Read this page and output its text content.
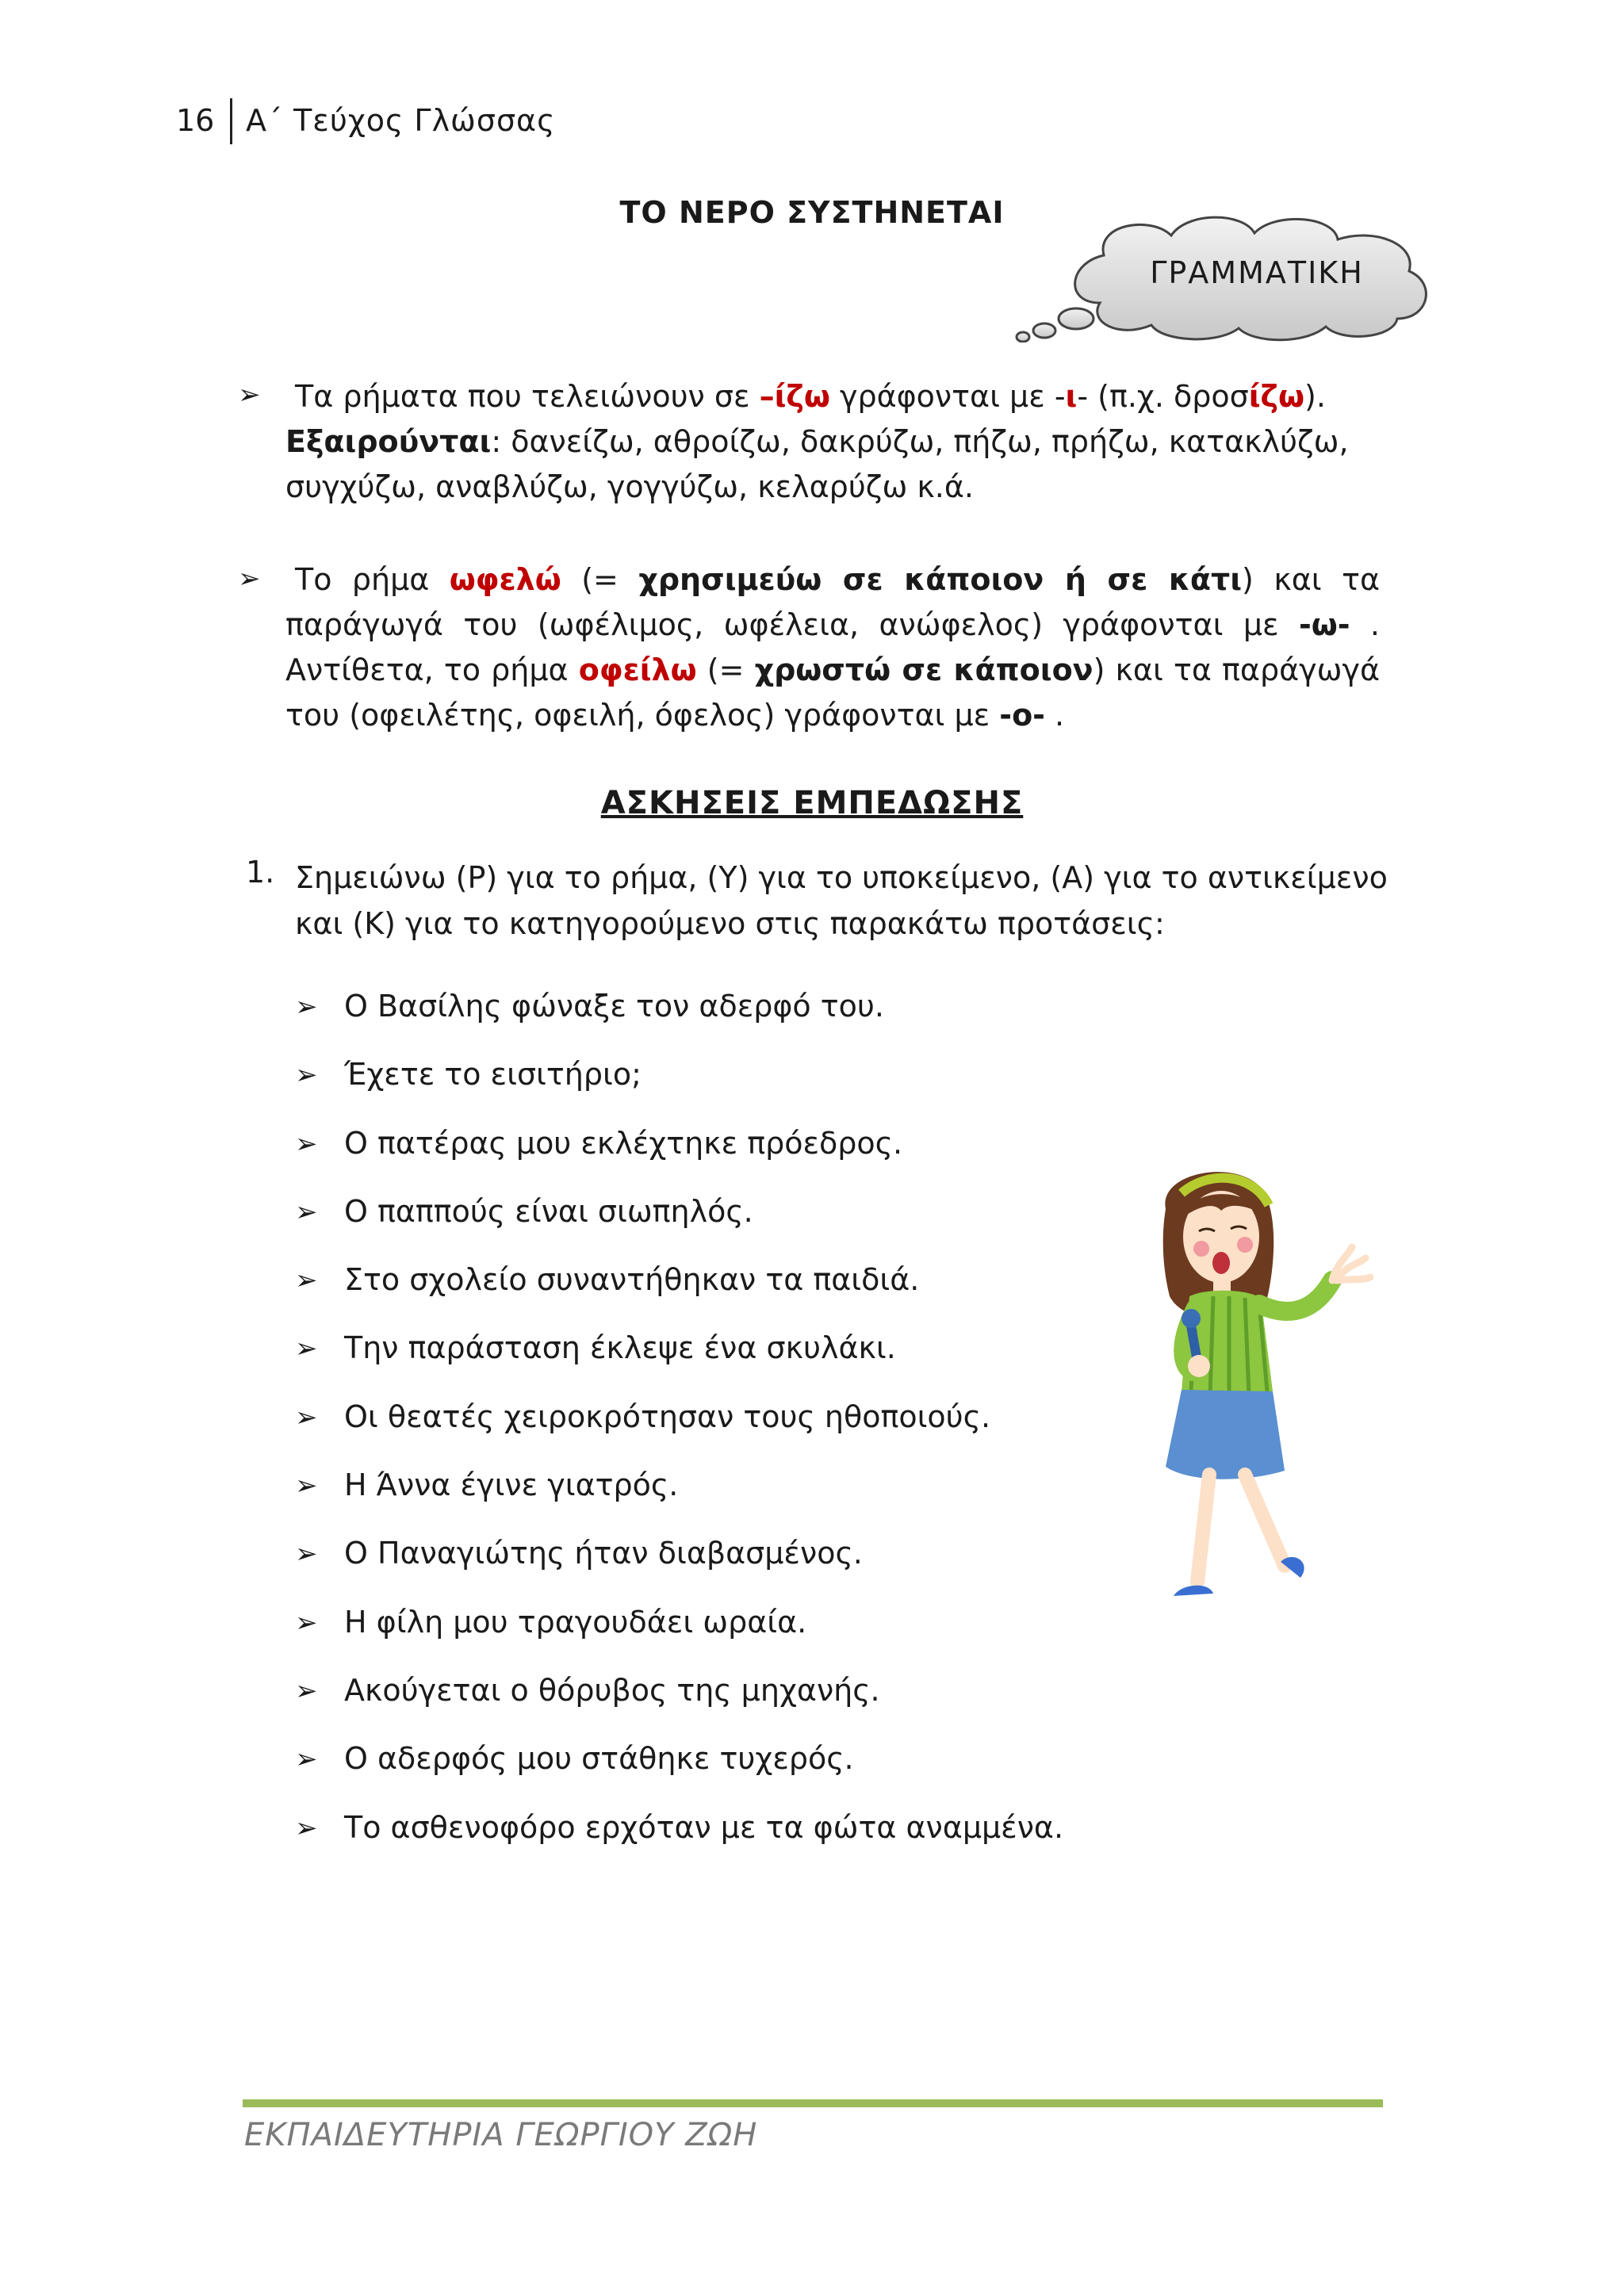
16 Α΄ Τεύχος Γλώσσας
ΤΟ ΝΕΡΟ ΣΥΣΤΗΝΕΤΑΙ
ΓΡΑΜΜΑΤΙΚΗ
➢	Τα ρήματα που τελειώνουν σε –ίζω γράφονται με -ι- (π.χ. δροσίζω).
Εξαιρούνται: δανείζω, αθροίζω, δακρύζω, πήζω, πρήζω, κατακλύζω, συγχύζω, αναβλύζω, γογγύζω, κελαρύζω κ.ά.
➢	Το ρήμα ωφελώ (= χρησιμεύω σε κάποιον ή σε κάτι) και τα παράγωγά του (ωφέλιμος, ωφέλεια, ανώφελος) γράφονται με -ω- . Αντίθετα, το ρήμα οφείλω (= χρωστώ σε κάποιον) και τα παράγωγά του (οφειλέτης, οφειλή, όφελος) γράφονται με -ο- .
ΑΣΚΗΣΕΙΣ ΕΜΠΕΔΩΣΗΣ
1. Σημειώνω (Ρ) για το ρήμα, (Υ) για το υποκείμενο, (Α) για το αντικείμενο και (Κ) για το κατηγορούμενο στις παρακάτω προτάσεις:
➢ Ο Βασίλης φώναξε τον αδερφό του.
➢ Έχετε το εισιτήριο;
➢ Ο πατέρας μου εκλέχτηκε πρόεδρος.
➢ Ο παππούς είναι σιωπηλός.
➢ Στο σχολείο συναντήθηκαν τα παιδιά.
➢ Την παράσταση έκλεψε ένα σκυλάκι.
➢ Οι θεατές χειροκρότησαν τους ηθοποιούς.
➢ Η Άννα έγινε γιατρός.
➢ Ο Παναγιώτης ήταν διαβασμένος.
➢ Η φίλη μου τραγουδάει ωραία.
➢ Ακούγεται ο θόρυβος της μηχανής.
➢ Ο αδερφός μου στάθηκε τυχερός.
➢ Το ασθενοφόρο ερχόταν με τα φώτα αναμμένα.
ΕΚΠΑΙΔΕΥΤΗΡΙΑ ΓΕΩΡΓΙΟΥ ΖΩΗ
